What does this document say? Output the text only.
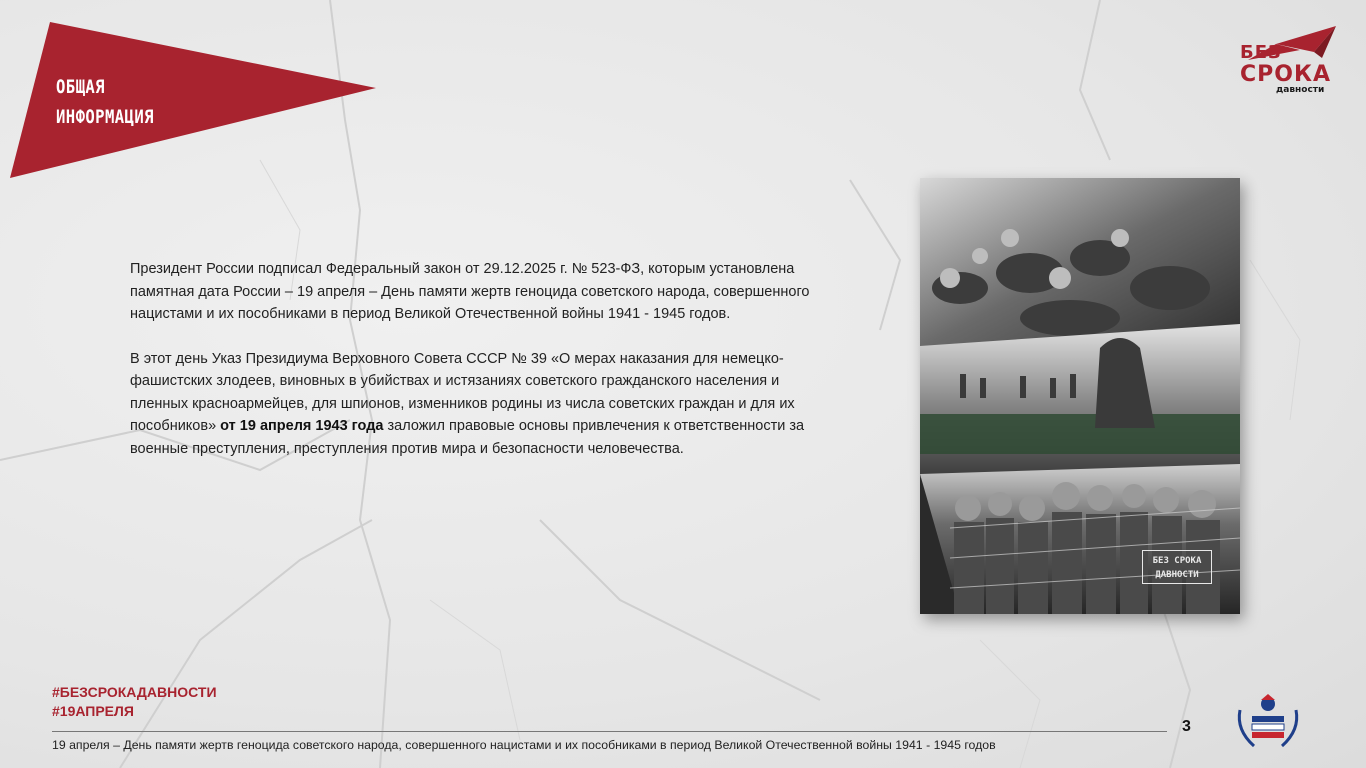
ОБЩАЯ
ИНФОРМАЦИЯ
БЕЗ
СРОКА
давности

Президент России подписал Федеральный закон от 29.12.2025 г. № 523-ФЗ, которым установлена памятная дата России – 19 апреля – День памяти жертв геноцида советского народа, совершенного нацистами и их пособниками в период Великой Отечественной войны 1941 - 1945 годов.

В этот день Указ Президиума Верховного Совета СССР № 39 «О мерах наказания для немецко-фашистских злодеев, виновных в убийствах и истязаниях советского гражданского населения и пленных красноармейцев, для шпионов, изменников родины из числа советских граждан и для их пособников» от 19 апреля 1943 года заложил правовые основы привлечения к ответственности за военные преступления, преступления против мира и безопасности человечества.

БЕЗ СРОКА
ДАВНОСТИ
#БЕЗСРОКАДАВНОСТИ
#19АПРЕЛЯ
19 апреля – День памяти жертв геноцида советского народа, совершенного нацистами и их пособниками в период Великой Отечественной войны 1941 - 1945 годов
3
